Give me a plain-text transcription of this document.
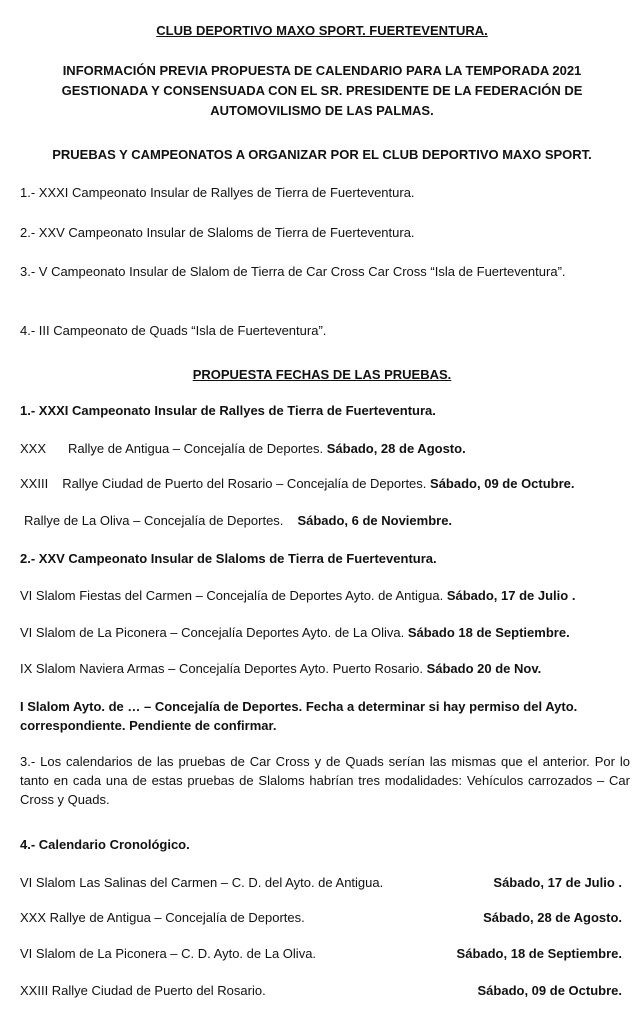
CLUB DEPORTIVO MAXO SPORT. FUERTEVENTURA.
INFORMACIÓN PREVIA PROPUESTA DE CALENDARIO PARA LA TEMPORADA 2021
GESTIONADA Y CONSENSUADA CON EL SR. PRESIDENTE DE LA FEDERACIÓN DE
AUTOMOVILISMO DE LAS PALMAS.
PRUEBAS Y CAMPEONATOS A ORGANIZAR POR EL CLUB DEPORTIVO MAXO SPORT.
1.- XXXI Campeonato Insular de Rallyes de Tierra de Fuerteventura.
2.- XXV Campeonato Insular de Slaloms de Tierra de Fuerteventura.
3.- V Campeonato Insular de Slalom de Tierra de Car Cross Car Cross “Isla de Fuerteventura”.
4.- III Campeonato de Quads “Isla de Fuerteventura”.
PROPUESTA FECHAS DE LAS PRUEBAS.
1.- XXXI Campeonato Insular de Rallyes de Tierra de Fuerteventura.
XXX Rallye de Antigua – Concejalía de Deportes. Sábado, 28 de Agosto.
XXIII Rallye Ciudad de Puerto del Rosario – Concejalía de Deportes. Sábado, 09 de Octubre.
Rallye de La Oliva – Concejalía de Deportes. Sábado, 6 de Noviembre.
2.- XXV Campeonato Insular de Slaloms de Tierra de Fuerteventura.
VI Slalom Fiestas del Carmen – Concejalía de Deportes Ayto. de Antigua. Sábado, 17 de Julio .
VI Slalom de La Piconera – Concejalía Deportes Ayto. de La Oliva. Sábado 18 de Septiembre.
IX Slalom Naviera Armas – Concejalía Deportes Ayto. Puerto Rosario. Sábado 20 de Nov.
I Slalom Ayto. de … – Concejalía de Deportes. Fecha a determinar si hay permiso del Ayto.
correspondiente. Pendiente de confirmar.
3.- Los calendarios de las pruebas de Car Cross y de Quads serían las mismas que el anterior. Por lo tanto en cada una de estas pruebas de Slaloms habrían tres modalidades: Vehículos carrozados – Car Cross y Quads.
4.- Calendario Cronológico.
VI Slalom Las Salinas del Carmen – C. D. del Ayto. de Antigua.	Sábado, 17 de Julio .
XXX Rallye de Antigua – Concejalía de Deportes.	Sábado, 28 de Agosto.
VI Slalom de La Piconera – C. D. Ayto. de La Oliva.	Sábado, 18 de Septiembre.
XXIII Rallye Ciudad de Puerto del Rosario.	Sábado, 09 de Octubre.
